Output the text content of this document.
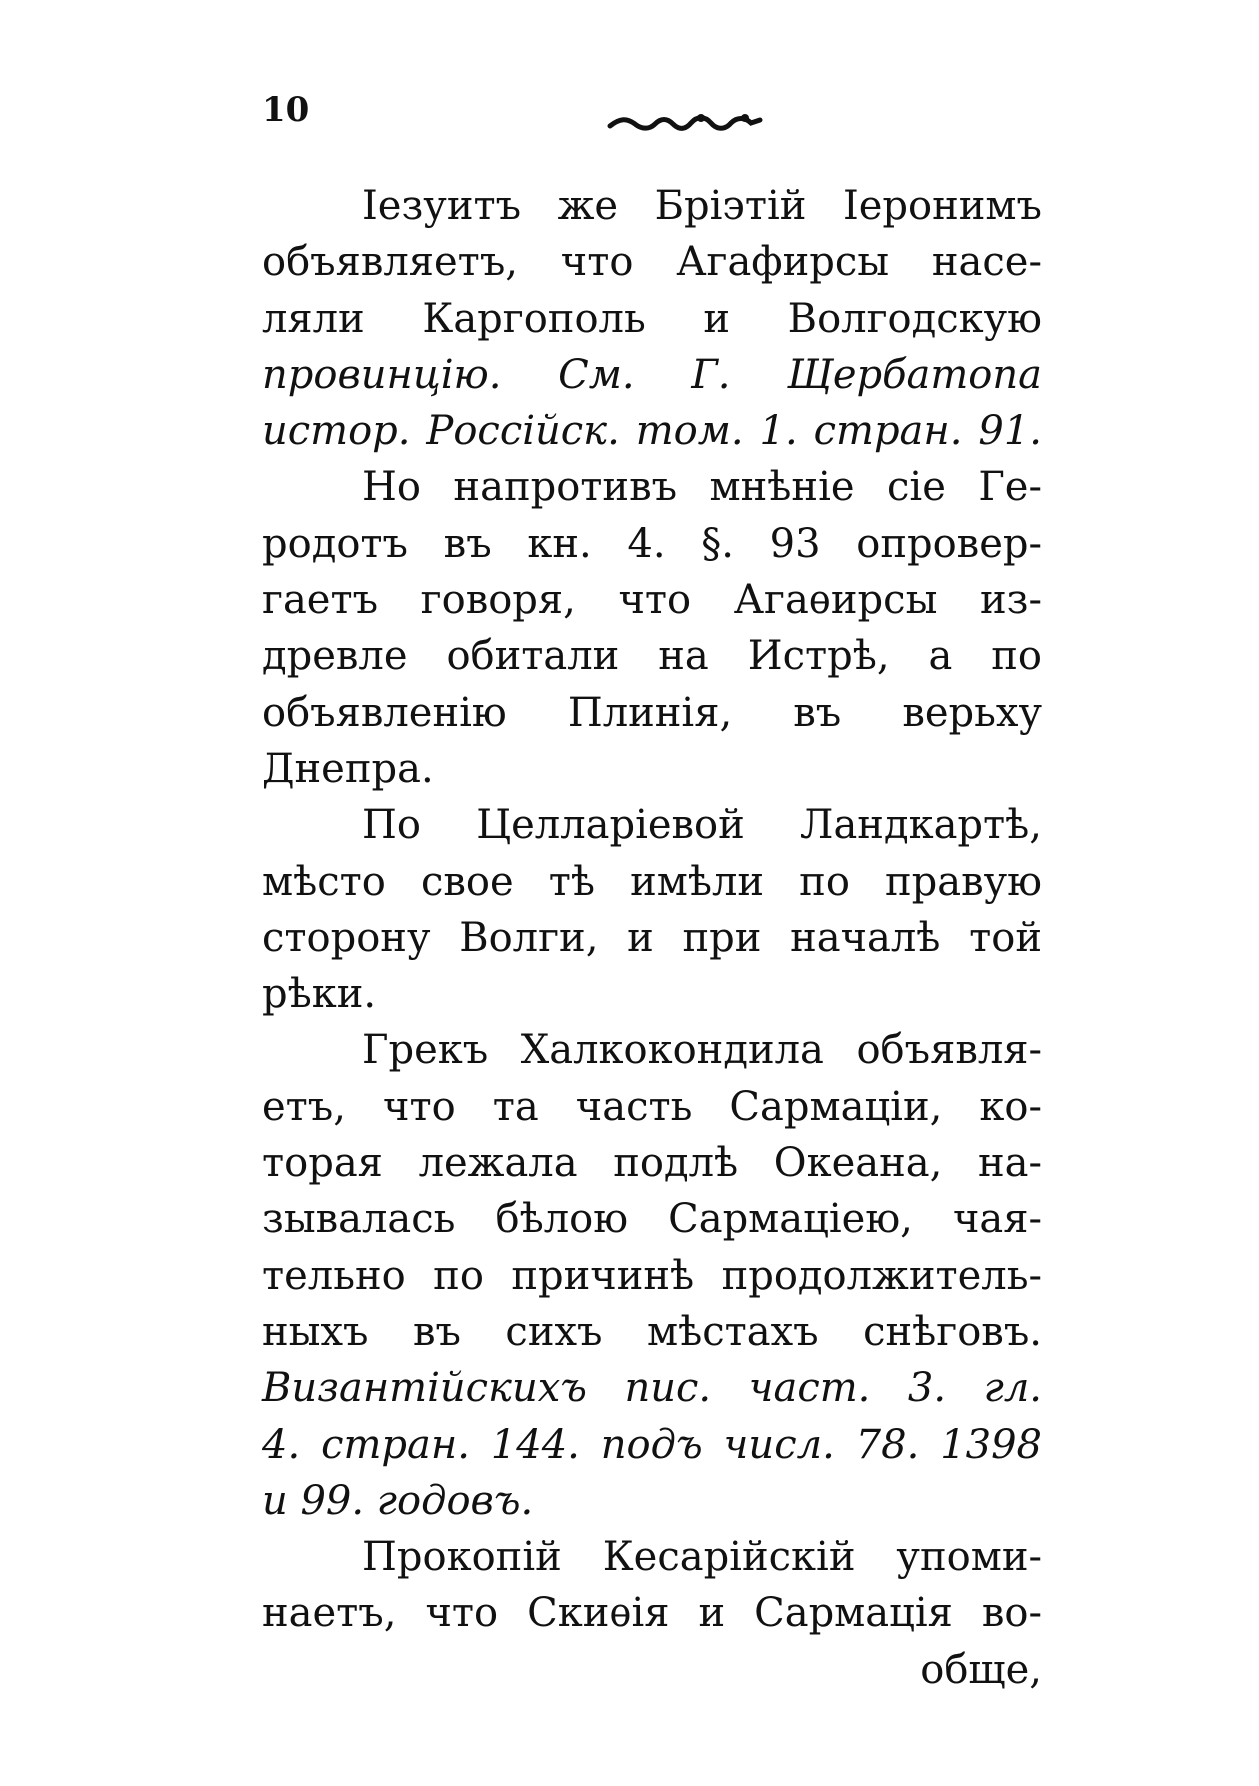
10
Iезуитъ же Бріэтій Iеронимъ
объявляетъ, что Агафирсы насе-
ляли Каргополь и Волгодскую
провинцію. См. Г. Щербатопа
истор. Россійск. том. 1. стран. 91.
Но напротивъ мнѣніе сіе Ге-
родотъ въ кн. 4. §. 93 опровер-
гаетъ говоря, что Агаѳирсы из-
древле обитали на Истрѣ, а по
объявленію Плинія, въ верьху
Днепра.
По Целларіевой Ландкартѣ,
мѣсто свое тѣ имѣли по правую
сторону Волги, и при началѣ той
рѣки.
Грекъ Халкокондила объявля-
етъ, что та часть Сармаціи, ко-
торая лежала подлѣ Океана, на-
зывалась бѣлою Сармаціею, чая-
тельно по причинѣ продолжитель-
ныхъ въ сихъ мѣстахъ снѣговъ.
Византійскихъ пис. част. 3. гл.
4. стран. 144. подъ числ. 78. 1398
и 99. годовъ.
Прокопій Кесарійскій упоми-
наетъ, что Скиѳія и Сармація во-
обще,
